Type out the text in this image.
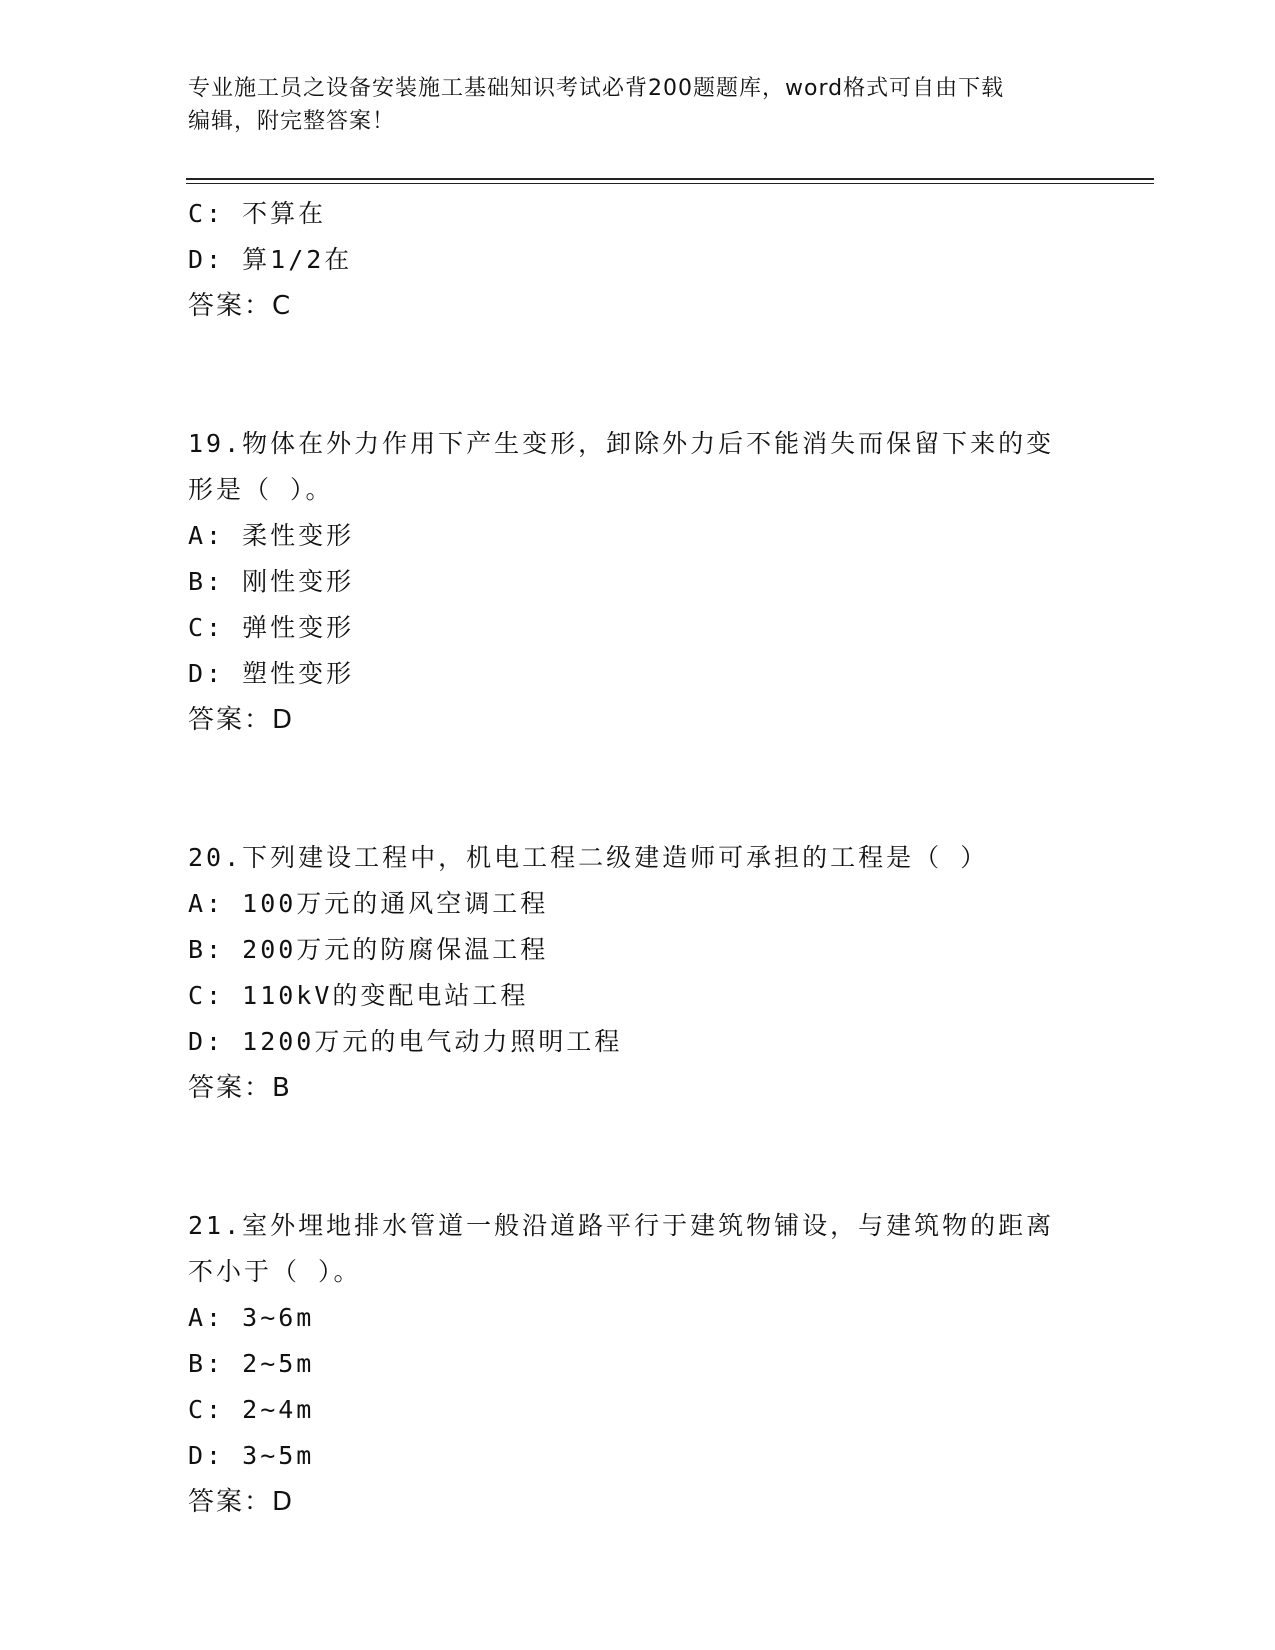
专业施工员之设备安装施工基础知识考试必背200题题库，word格式可自由下载
编辑，附完整答案！
C: 不算在
D: 算1/2在
答案：C
19.物体在外力作用下产生变形，卸除外力后不能消失而保留下来的变
形是（ ）。
A: 柔性变形
B: 刚性变形
C: 弹性变形
D: 塑性变形
答案：D
20.下列建设工程中，机电工程二级建造师可承担的工程是（ ）
A: 100万元的通风空调工程
B: 200万元的防腐保温工程
C: 110kV的变配电站工程
D: 1200万元的电气动力照明工程
答案：B
21.室外埋地排水管道一般沿道路平行于建筑物铺设，与建筑物的距离
不小于（ ）。
A: 3~6m
B: 2~5m
C: 2~4m
D: 3~5m
答案：D
